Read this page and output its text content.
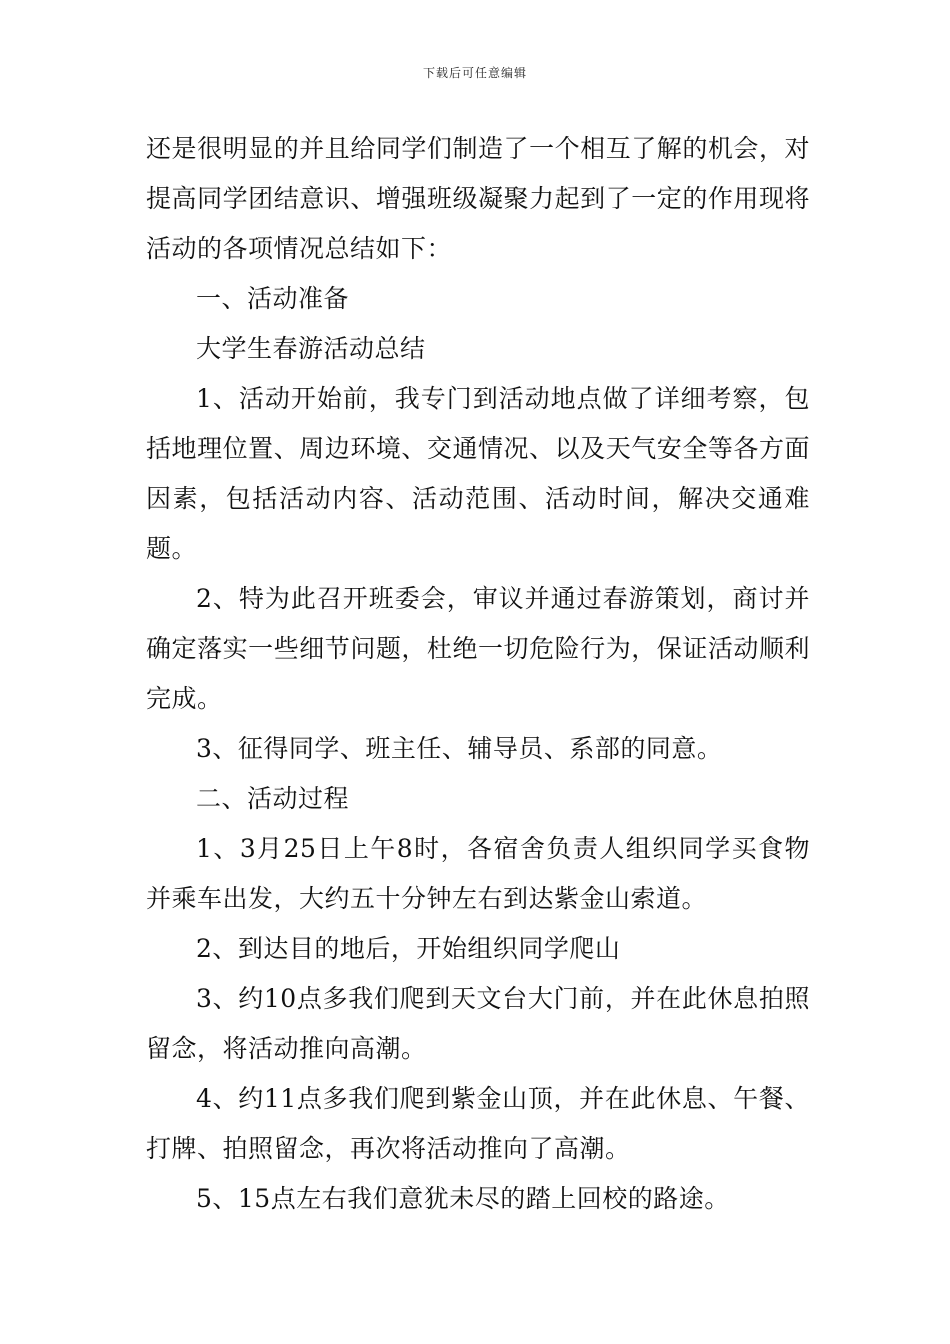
下载后可任意编辑

还是很明显的并且给同学们制造了一个相互了解的机会，对提高同学团结意识、增强班级凝聚力起到了一定的作用现将活动的各项情况总结如下：

一、活动准备

大学生春游活动总结

1、活动开始前，我专门到活动地点做了详细考察，包括地理位置、周边环境、交通情况、以及天气安全等各方面因素，包括活动内容、活动范围、活动时间，解决交通难题。

2、特为此召开班委会，审议并通过春游策划，商讨并确定落实一些细节问题，杜绝一切危险行为，保证活动顺利完成。

3、征得同学、班主任、辅导员、系部的同意。

二、活动过程

1、3月25日上午8时，各宿舍负责人组织同学买食物并乘车出发，大约五十分钟左右到达紫金山索道。

2、到达目的地后，开始组织同学爬山

3、约10点多我们爬到天文台大门前，并在此休息拍照留念，将活动推向高潮。

4、约11点多我们爬到紫金山顶，并在此休息、午餐、打牌、拍照留念，再次将活动推向了高潮。

5、15点左右我们意犹未尽的踏上回校的路途。
